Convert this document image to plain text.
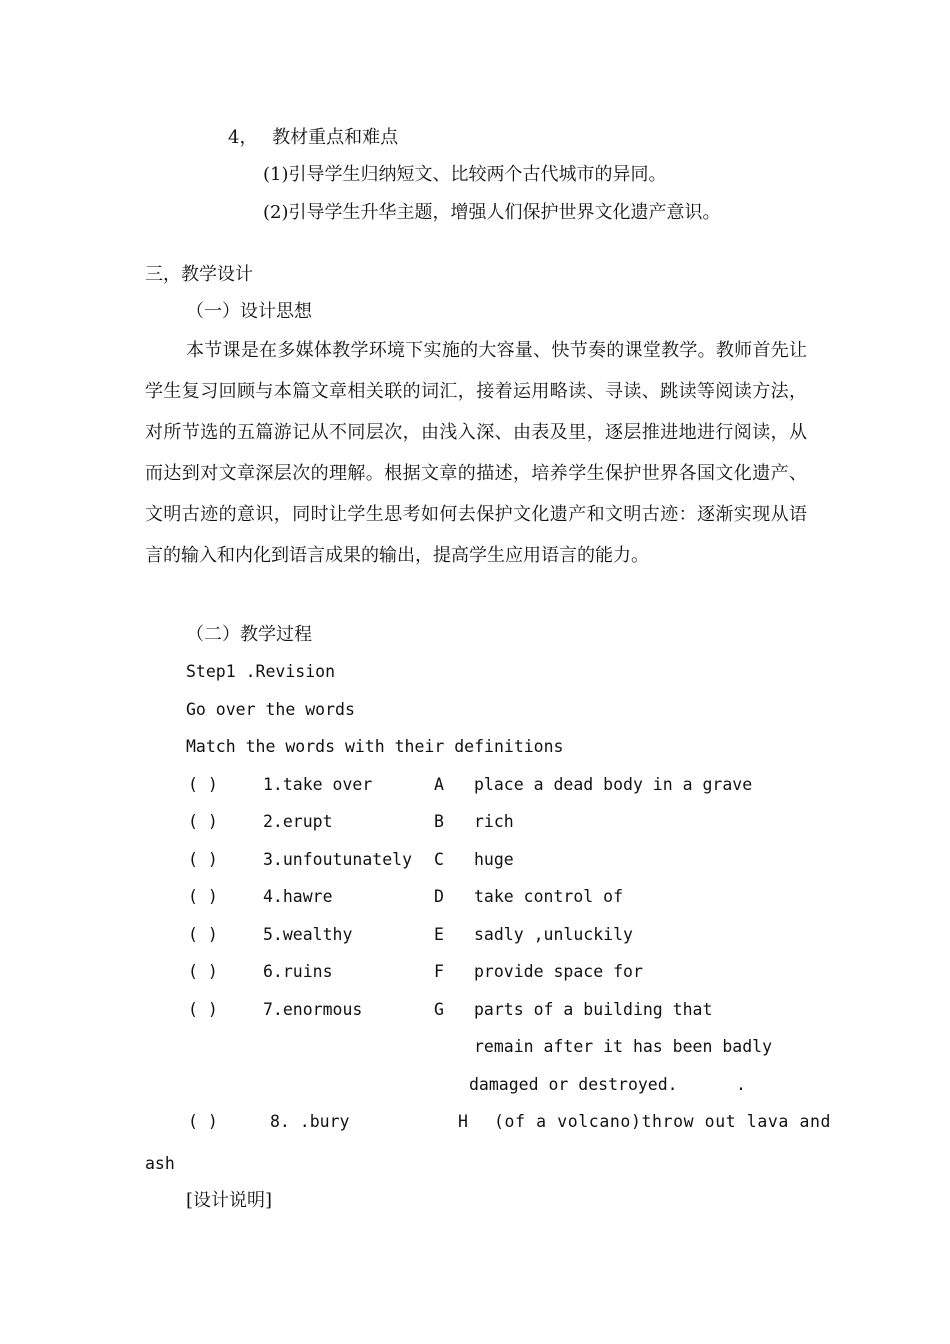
4，　 教材重点和难点
(1)引导学生归纳短文、比较两个古代城市的异同。
(2)引导学生升华主题，增强人们保护世界文化遗产意识。
三，教学设计
（一）设计思想
本节课是在多媒体教学环境下实施的大容量、快节奏的课堂教学。教师首先让学生复习回顾与本篇文章相关联的词汇，接着运用略读、寻读、跳读等阅读方法，对所节选的五篇游记从不同层次，由浅入深、由表及里，逐层推进地进行阅读，从而达到对文章深层次的理解。根据文章的描述，培养学生保护世界各国文化遗产、文明古迹的意识，同时让学生思考如何去保护文化遗产和文明古迹：逐渐实现从语言的输入和内化到语言成果的输出，提高学生应用语言的能力。
（二）教学过程
Step1 .Revision
Go over the words
Match the words with their definitions
( )	1.take over	A place a dead body in a grave
( )	2.erupt	B rich
( )	3.unfoutunately C huge
( )	4.hawre	D take control of
( )	5.wealthy	E sadly ,unluckily
( )	6.ruins	F provide space for
( )	7.enormous	G parts of a building that
remain after it has been badly
damaged or destroyed.	.
( )	8. .bury	H (of a volcano)throw out lava and
ash
[设计说明]
